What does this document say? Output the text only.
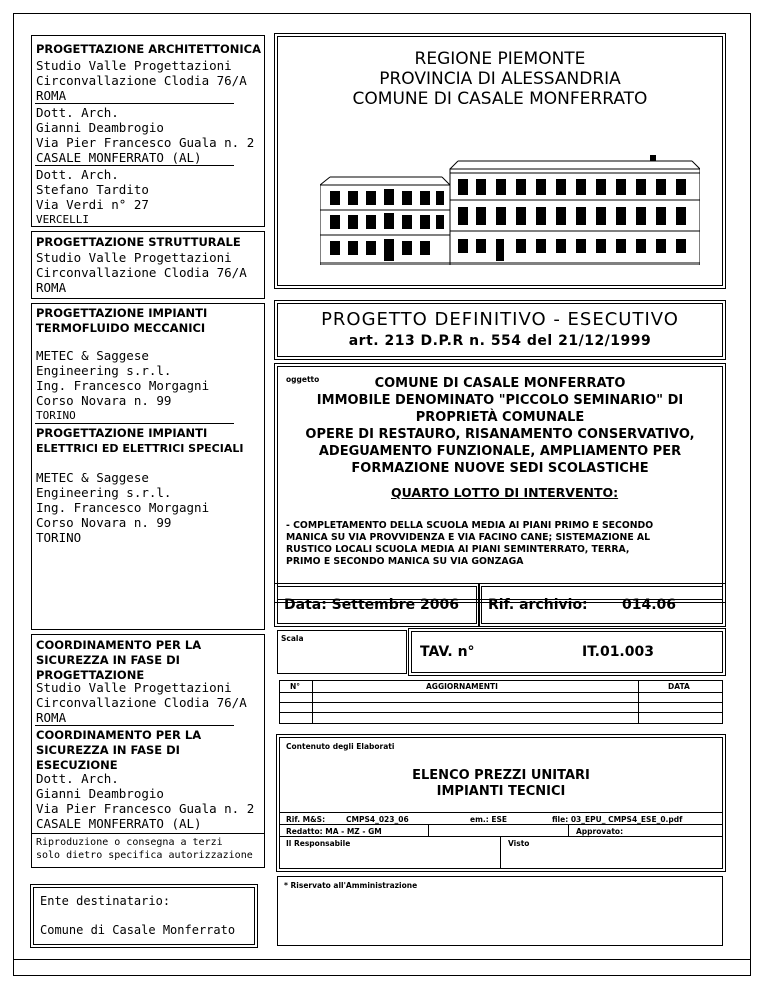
PROGETTAZIONE ARCHITETTONICA
Studio Valle Progettazioni
Circonvallazione Clodia 76/A
ROMA
Dott. Arch.
Gianni Deambrogio
Via Pier Francesco Guala n. 2
CASALE MONFERRATO (AL)
Dott. Arch.
Stefano Tardito
Via Verdi n° 27
VERCELLI
PROGETTAZIONE STRUTTURALE
Studio Valle Progettazioni
Circonvallazione Clodia 76/A
ROMA
PROGETTAZIONE IMPIANTI
TERMOFLUIDO MECCANICI
METEC & Saggese
Engineering s.r.l.
Ing. Francesco Morgagni
Corso Novara n. 99
TORINO
PROGETTAZIONE IMPIANTI
ELETTRICI ED ELETTRICI SPECIALI
METEC & Saggese
Engineering s.r.l.
Ing. Francesco Morgagni
Corso Novara n. 99
TORINO
COORDINAMENTO PER LA
SICUREZZA IN FASE DI
PROGETTAZIONE
Studio Valle Progettazioni
Circonvallazione Clodia 76/A
ROMA
COORDINAMENTO PER LA
SICUREZZA IN FASE DI
ESECUZIONE
Dott. Arch.
Gianni Deambrogio
Via Pier Francesco Guala n. 2
CASALE MONFERRATO (AL)
Riproduzione o consegna a terzi
solo dietro specifica autorizzazione
Ente destinatario:
Comune di Casale Monferrato
REGIONE PIEMONTE
PROVINCIA DI ALESSANDRIA
COMUNE DI CASALE MONFERRATO
PROGETTO DEFINITIVO - ESECUTIVO
art. 213 D.P.R n. 554 del 21/12/1999
oggetto	COMUNE DI CASALE MONFERRATO
IMMOBILE DENOMINATO "PICCOLO SEMINARIO" DI
PROPRIETÀ COMUNALE
OPERE DI RESTAURO, RISANAMENTO CONSERVATIVO,
ADEGUAMENTO FUNZIONALE, AMPLIAMENTO PER
FORMAZIONE NUOVE SEDI SCOLASTICHE
QUARTO LOTTO DI INTERVENTO:
- COMPLETAMENTO DELLA SCUOLA MEDIA AI PIANI PRIMO E SECONDO
MANICA SU VIA PROVVIDENZA E VIA FACINO CANE; SISTEMAZIONE AL
RUSTICO LOCALI SCUOLA MEDIA AI PIANI SEMINTERRATO, TERRA,
PRIMO E SECONDO MANICA SU VIA GONZAGA
Data: Settembre 2006 Rif. archivio: 014.06
Scala
TAV. n°	IT.01.003
N°	AGGIORNAMENTI	DATA
Contenuto degli Elaborati
ELENCO PREZZI UNITARI
IMPIANTI TECNICI
Rif. M&S:	CMPS4_023_06	em.: ESE	file: 03_EPU_ CMPS4_ESE_0.pdf
Redatto: MA - MZ - GM	Approvato:
Il Responsabile	Visto
* Riservato all'Amministrazione
